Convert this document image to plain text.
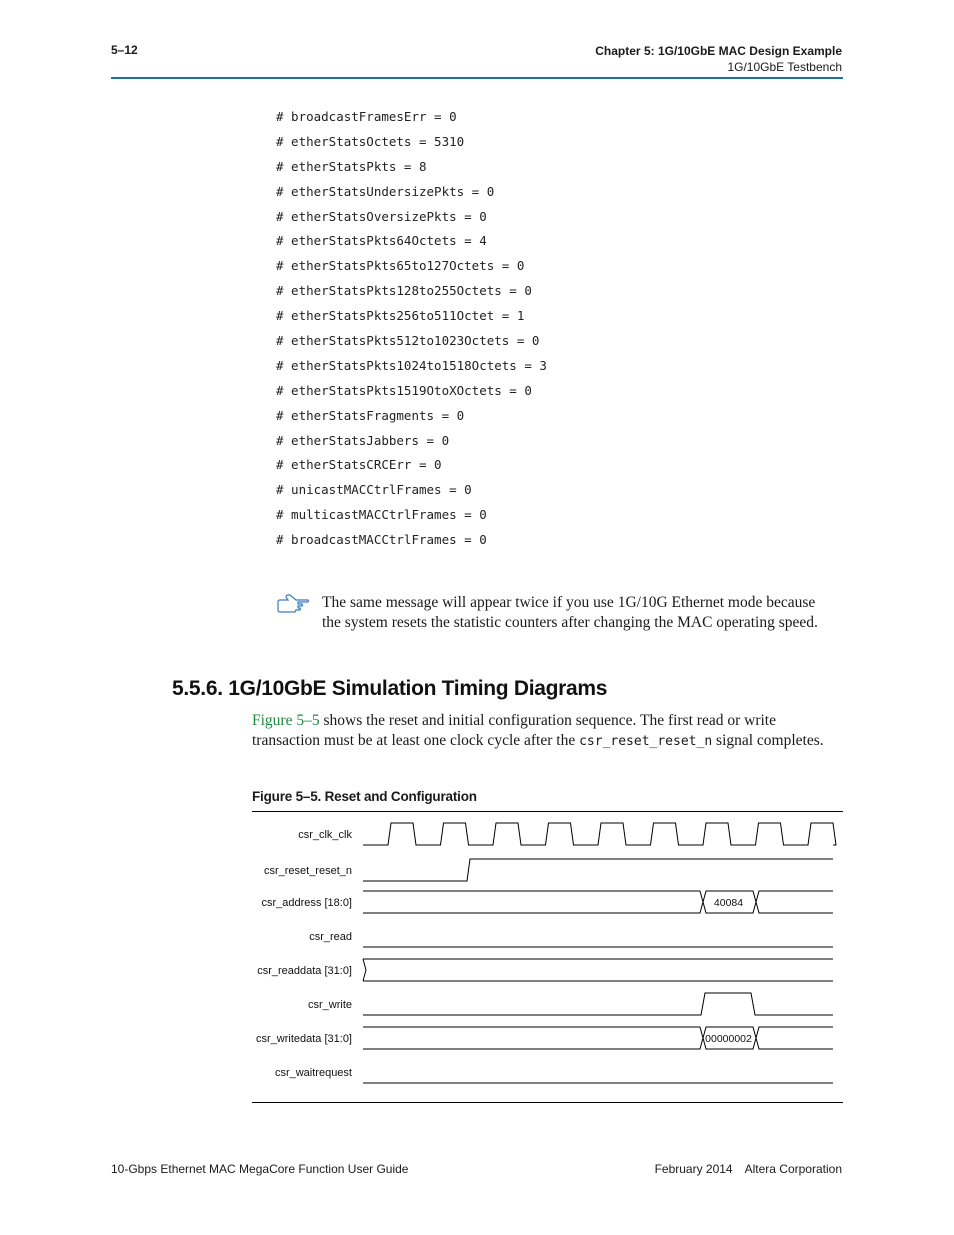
5–12	Chapter 5: 1G/10GbE MAC Design Example
1G/10GbE Testbench
# broadcastFramesErr = 0
# etherStatsOctets = 5310
# etherStatsPkts = 8
# etherStatsUndersizePkts = 0
# etherStatsOversizePkts = 0
# etherStatsPkts64Octets = 4
# etherStatsPkts65to127Octets = 0
# etherStatsPkts128to255Octets = 0
# etherStatsPkts256to511Octet = 1
# etherStatsPkts512to1023Octets = 0
# etherStatsPkts1024to1518Octets = 3
# etherStatsPkts1519OtoXOctets = 0
# etherStatsFragments = 0
# etherStatsJabbers = 0
# etherStatsCRCErr = 0
# unicastMACCtrlFrames = 0
# multicastMACCtrlFrames = 0
# broadcastMACCtrlFrames = 0
The same message will appear twice if you use 1G/10G Ethernet mode because the system resets the statistic counters after changing the MAC operating speed.
5.5.6. 1G/10GbE Simulation Timing Diagrams
Figure 5–5 shows the reset and initial configuration sequence. The first read or write transaction must be at least one clock cycle after the csr_reset_reset_n signal completes.
Figure 5–5. Reset and Configuration
csr_clk_clk
csr_reset_reset_n
csr_address [18:0]	40084
csr_read
csr_readdata [31:0]
csr_write
csr_writedata [31:0]	00000002
csr_waitrequest
10-Gbps Ethernet MAC MegaCore Function User Guide	February 2014 Altera Corporation
